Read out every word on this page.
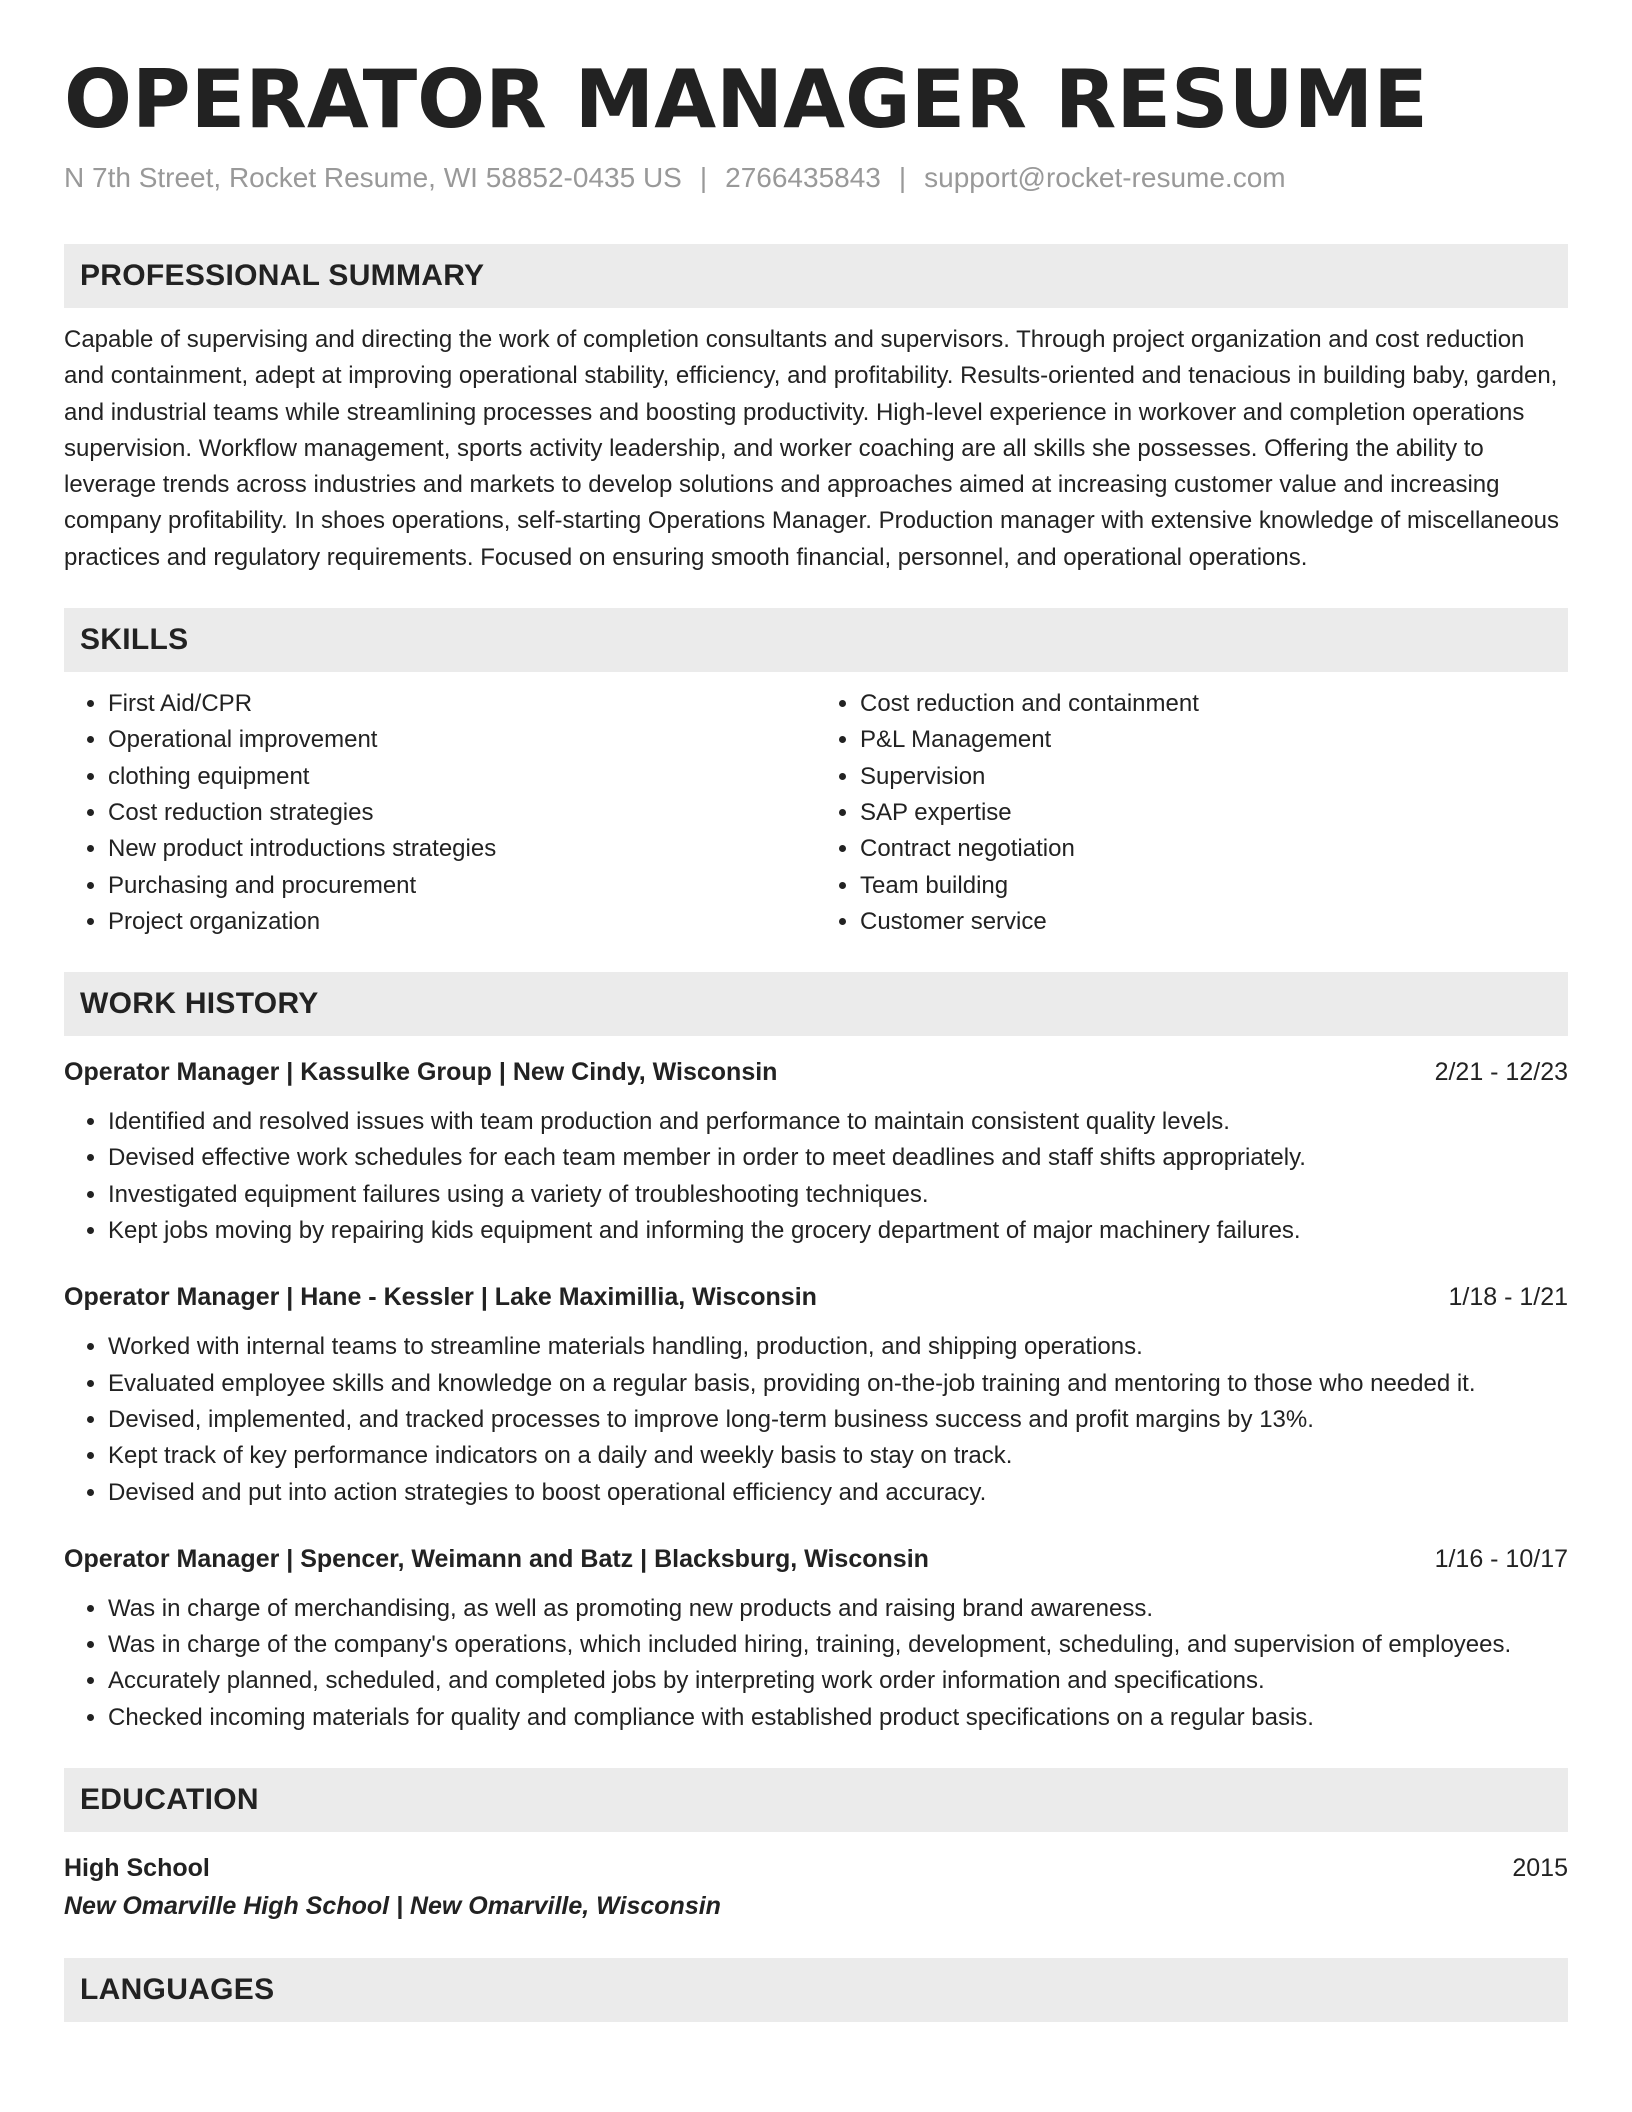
OPERATOR MANAGER RESUME
N 7th Street, Rocket Resume, WI 58852-0435 US | 2766435843 | support@rocket-resume.com
PROFESSIONAL SUMMARY

Capable of supervising and directing the work of completion consultants and supervisors. Through project organization and cost reduction and containment, adept at improving operational stability, efficiency, and profitability. Results-oriented and tenacious in building baby, garden, and industrial teams while streamlining processes and boosting productivity. High-level experience in workover and completion operations supervision. Workflow management, sports activity leadership, and worker coaching are all skills she possesses. Offering the ability to leverage trends across industries and markets to develop solutions and approaches aimed at increasing customer value and increasing company profitability. In shoes operations, self-starting Operations Manager. Production manager with extensive knowledge of miscellaneous practices and regulatory requirements. Focused on ensuring smooth financial, personnel, and operational operations.

SKILLS
• First Aid/CPR
• Operational improvement
• clothing equipment
• Cost reduction strategies
• New product introductions strategies
• Purchasing and procurement
• Project organization
• Cost reduction and containment
• P&L Management
• Supervision
• SAP expertise
• Contract negotiation
• Team building
• Customer service
WORK HISTORY
Operator Manager | Kassulke Group | New Cindy, Wisconsin	2/21 - 12/23
• Identified and resolved issues with team production and performance to maintain consistent quality levels.
• Devised effective work schedules for each team member in order to meet deadlines and staff shifts appropriately.
• Investigated equipment failures using a variety of troubleshooting techniques.
• Kept jobs moving by repairing kids equipment and informing the grocery department of major machinery failures.
Operator Manager | Hane - Kessler | Lake Maximillia, Wisconsin	1/18 - 1/21
• Worked with internal teams to streamline materials handling, production, and shipping operations.
• Evaluated employee skills and knowledge on a regular basis, providing on-the-job training and mentoring to those who needed it.
• Devised, implemented, and tracked processes to improve long-term business success and profit margins by 13%.
• Kept track of key performance indicators on a daily and weekly basis to stay on track.
• Devised and put into action strategies to boost operational efficiency and accuracy.
Operator Manager | Spencer, Weimann and Batz | Blacksburg, Wisconsin	1/16 - 10/17
• Was in charge of merchandising, as well as promoting new products and raising brand awareness.
• Was in charge of the company's operations, which included hiring, training, development, scheduling, and supervision of employees.
• Accurately planned, scheduled, and completed jobs by interpreting work order information and specifications.
• Checked incoming materials for quality and compliance with established product specifications on a regular basis.
EDUCATION
High School	2015
New Omarville High School | New Omarville, Wisconsin
LANGUAGES
